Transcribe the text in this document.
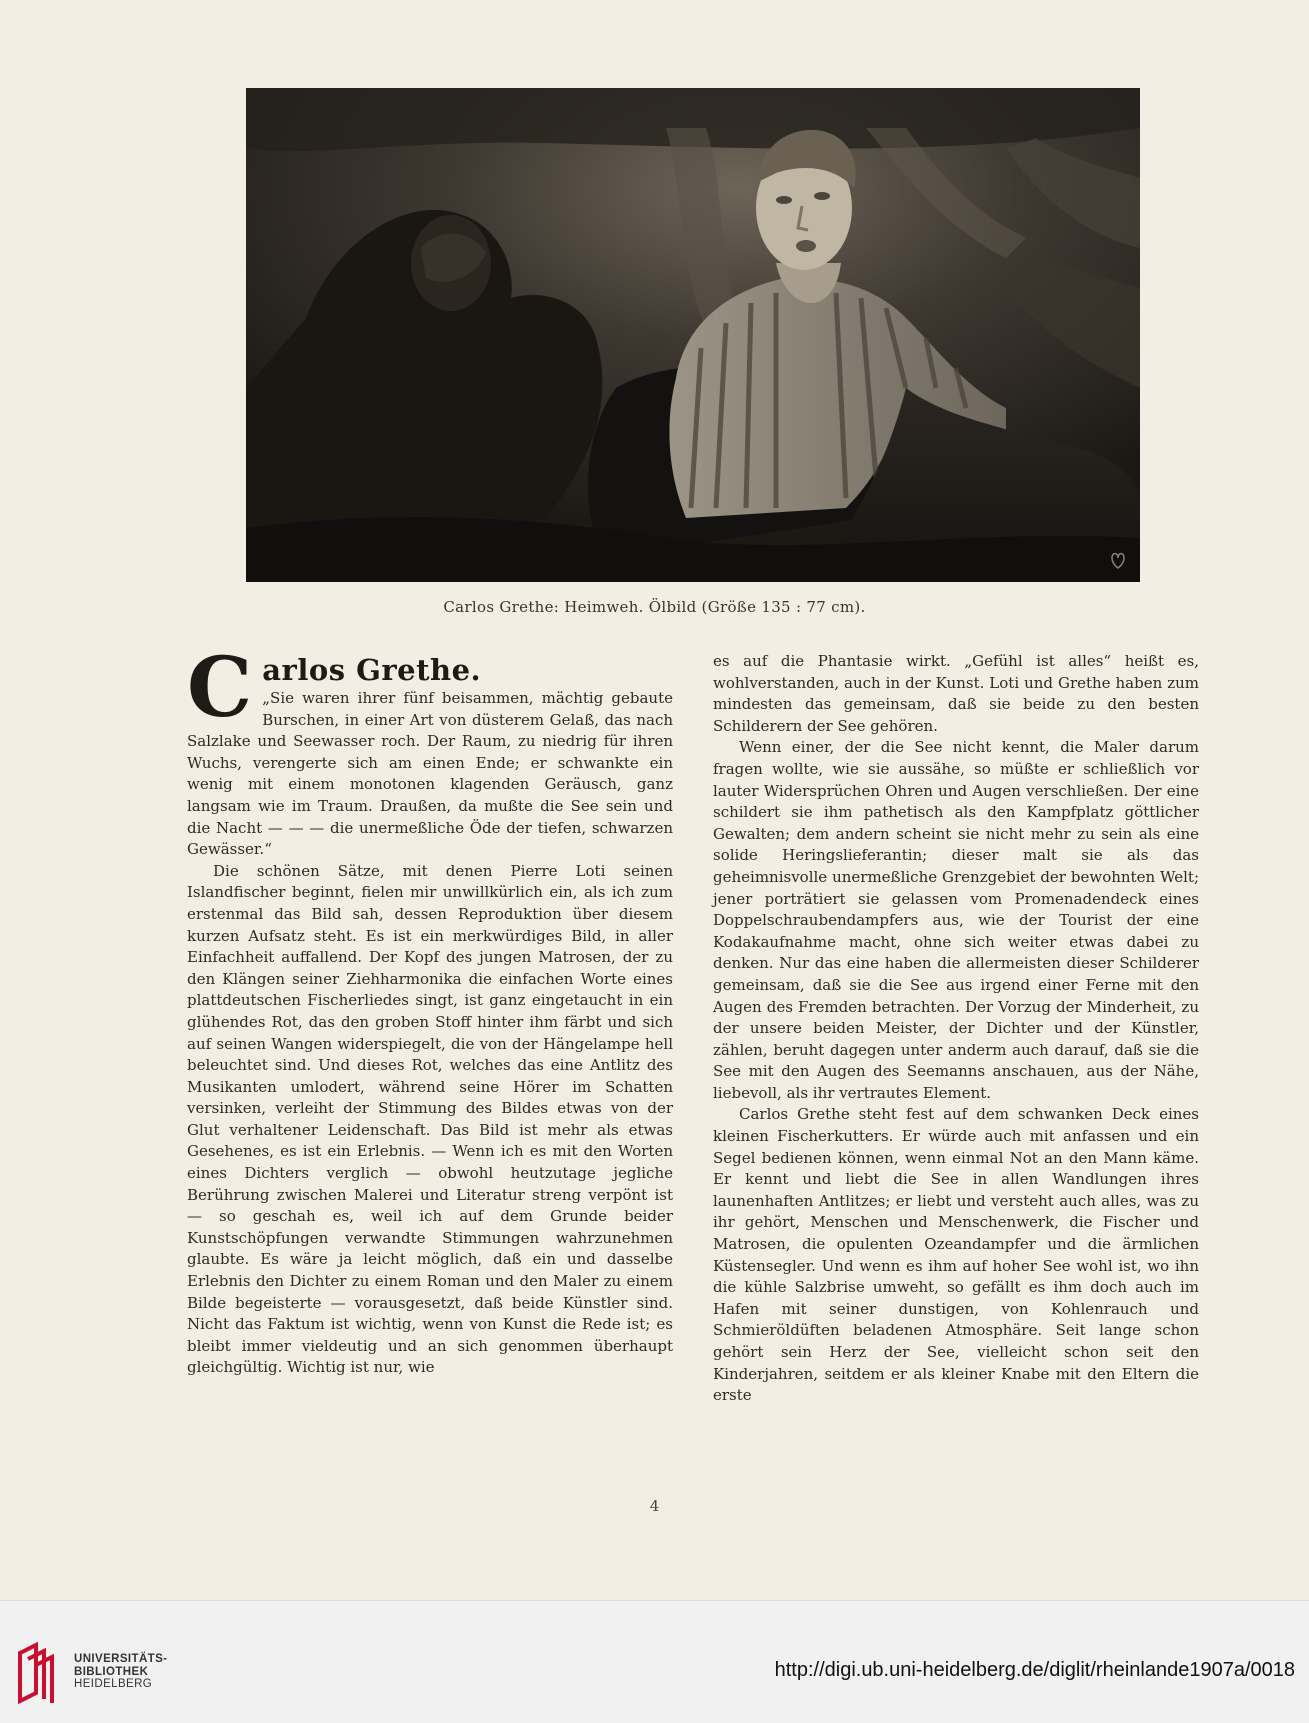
Carlos Grethe: Heimweh. Ölbild (Größe 135 : 77 cm).
C arlos Grethe.

„Sie waren ihrer fünf beisammen, mächtig gebaute Burschen, in einer Art von düsterem Gelaß, das nach Salzlake und Seewasser roch. Der Raum, zu niedrig für ihren Wuchs, verengerte sich am einen Ende; er schwankte ein wenig mit einem monotonen klagenden Geräusch, ganz langsam wie im Traum. Draußen, da mußte die See sein und die Nacht — — — die unermeßliche Öde der tiefen, schwarzen Gewässer.“

Die schönen Sätze, mit denen Pierre Loti seinen Islandfischer beginnt, fielen mir unwillkürlich ein, als ich zum erstenmal das Bild sah, dessen Reproduktion über diesem kurzen Aufsatz steht. Es ist ein merkwürdiges Bild, in aller Einfachheit auffallend. Der Kopf des jungen Matrosen, der zu den Klängen seiner Ziehharmonika die einfachen Worte eines plattdeutschen Fischerliedes singt, ist ganz eingetaucht in ein glühendes Rot, das den groben Stoff hinter ihm färbt und sich auf seinen Wangen widerspiegelt, die von der Hängelampe hell beleuchtet sind. Und dieses Rot, welches das eine Antlitz des Musikanten umlodert, während seine Hörer im Schatten versinken, verleiht der Stimmung des Bildes etwas von der Glut verhaltener Leidenschaft. Das Bild ist mehr als etwas Gesehenes, es ist ein Erlebnis. — Wenn ich es mit den Worten eines Dichters verglich — obwohl heutzutage jegliche Berührung zwischen Malerei und Literatur streng verpönt ist — so geschah es, weil ich auf dem Grunde beider Kunstschöpfungen verwandte Stimmungen wahrzunehmen glaubte. Es wäre ja leicht möglich, daß ein und dasselbe Erlebnis den Dichter zu einem Roman und den Maler zu einem Bilde begeisterte — vorausgesetzt, daß beide Künstler sind. Nicht das Faktum ist wichtig, wenn von Kunst die Rede ist; es bleibt immer vieldeutig und an sich genommen überhaupt gleichgültig. Wichtig ist nur, wie

es auf die Phantasie wirkt. „Gefühl ist alles“ heißt es, wohlverstanden, auch in der Kunst. Loti und Grethe haben zum mindesten das gemeinsam, daß sie beide zu den besten Schilderern der See gehören.

Wenn einer, der die See nicht kennt, die Maler darum fragen wollte, wie sie aussähe, so müßte er schließlich vor lauter Widersprüchen Ohren und Augen verschließen. Der eine schildert sie ihm pathetisch als den Kampfplatz göttlicher Gewalten; dem andern scheint sie nicht mehr zu sein als eine solide Heringslieferantin; dieser malt sie als das geheimnisvolle unermeßliche Grenzgebiet der bewohnten Welt; jener porträtiert sie gelassen vom Promenadendeck eines Doppelschraubendampfers aus, wie der Tourist der eine Kodakaufnahme macht, ohne sich weiter etwas dabei zu denken. Nur das eine haben die allermeisten dieser Schilderer gemeinsam, daß sie die See aus irgend einer Ferne mit den Augen des Fremden betrachten. Der Vorzug der Minderheit, zu der unsere beiden Meister, der Dichter und der Künstler, zählen, beruht dagegen unter anderm auch darauf, daß sie die See mit den Augen des Seemanns anschauen, aus der Nähe, liebevoll, als ihr vertrautes Element.

Carlos Grethe steht fest auf dem schwanken Deck eines kleinen Fischerkutters. Er würde auch mit anfassen und ein Segel bedienen können, wenn einmal Not an den Mann käme. Er kennt und liebt die See in allen Wandlungen ihres launenhaften Antlitzes; er liebt und versteht auch alles, was zu ihr gehört, Menschen und Menschenwerk, die Fischer und Matrosen, die opulenten Ozeandampfer und die ärmlichen Küstensegler. Und wenn es ihm auf hoher See wohl ist, wo ihn die kühle Salzbrise umweht, so gefällt es ihm doch auch im Hafen mit seiner dunstigen, von Kohlenrauch und Schmieröldüften beladenen Atmosphäre. Seit lange schon gehört sein Herz der See, vielleicht schon seit den Kinderjahren, seitdem er als kleiner Knabe mit den Eltern die erste

4
UNIVERSITÄTS-
BIBLIOTHEK
HEIDELBERG
http://digi.ub.uni-heidelberg.de/diglit/rheinlande1907a/0018
